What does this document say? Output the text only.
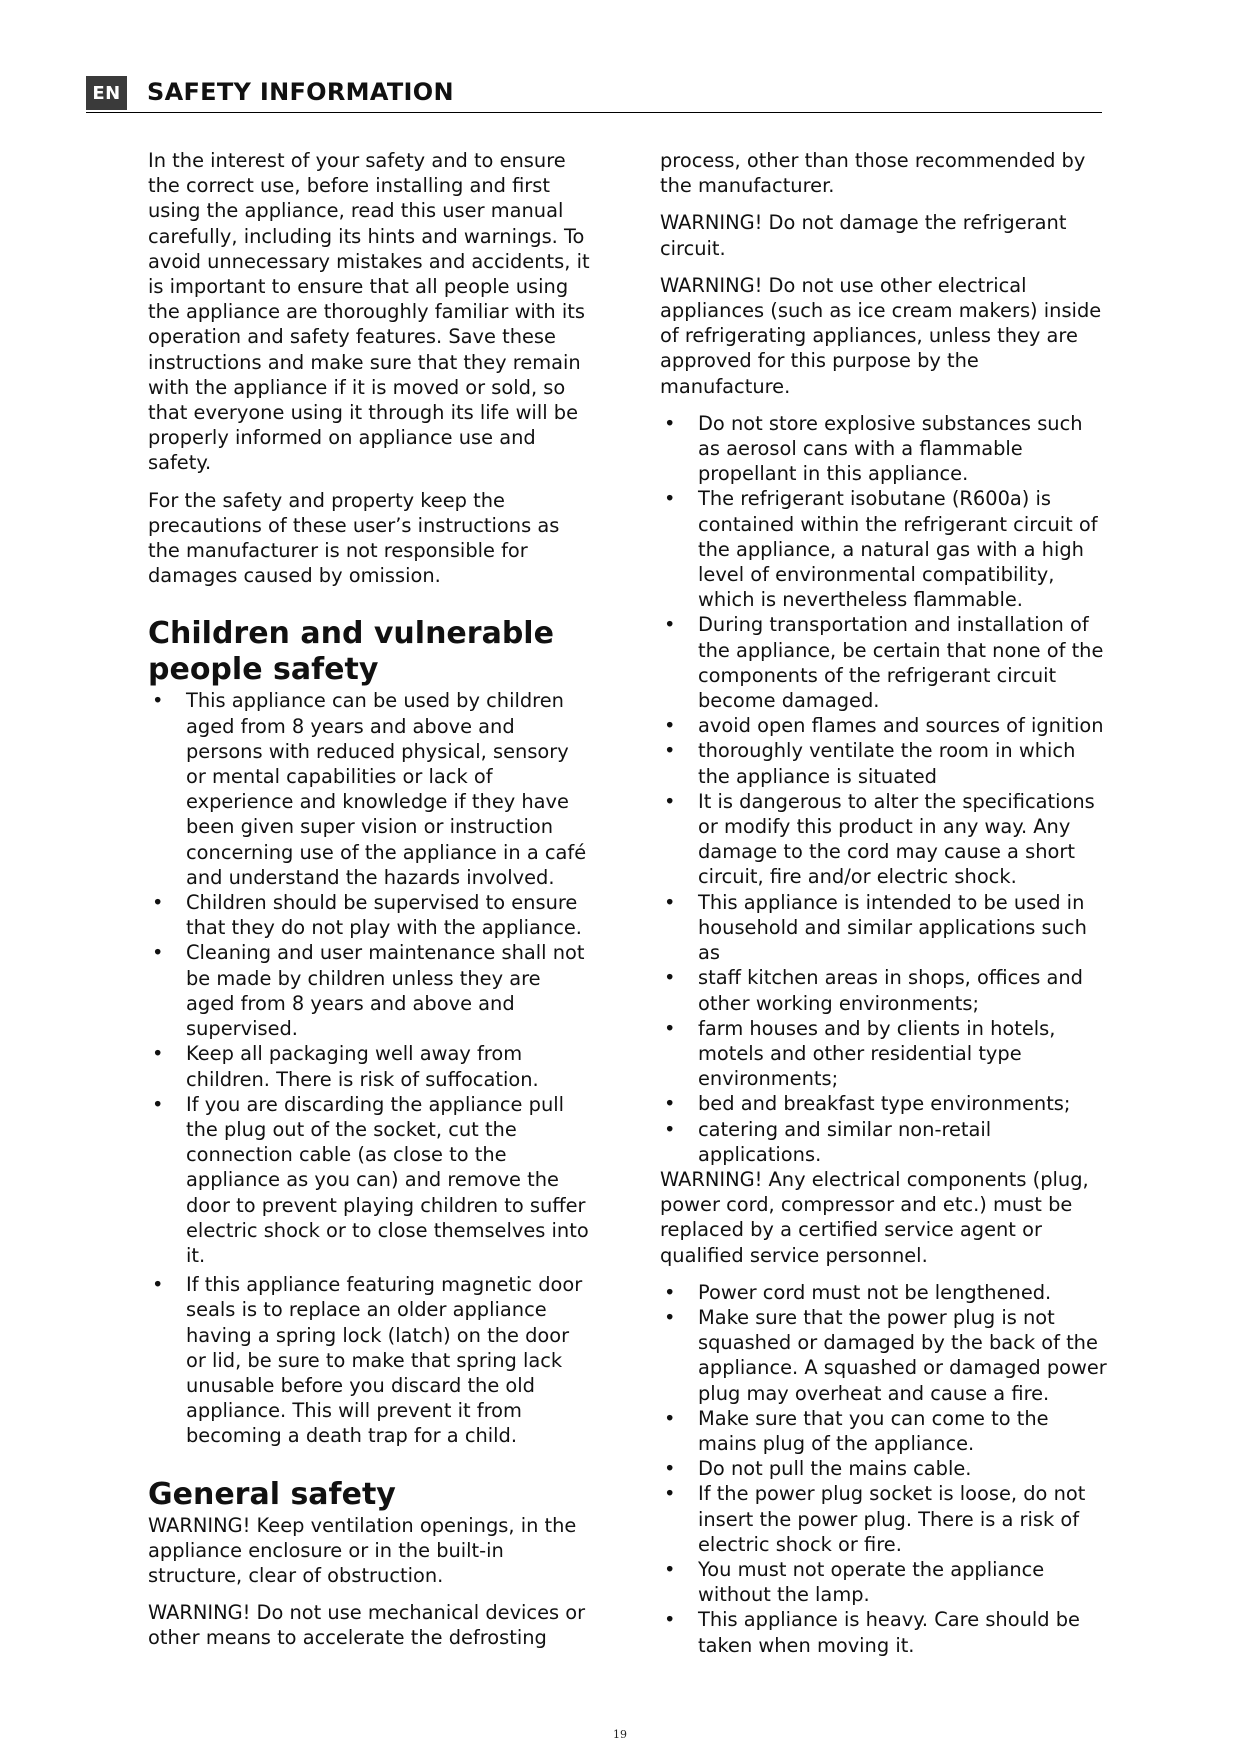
EN SAFETY INFORMATION

In the interest of your safety and to ensure the correct use, before installing and first using the appliance, read this user manual carefully, including its hints and warnings. To avoid unnecessary mistakes and accidents, it is important to ensure that all people using the appliance are thoroughly familiar with its operation and safety features. Save these instructions and make sure that they remain with the appliance if it is moved or sold, so that everyone using it through its life will be properly informed on appliance use and safety.

For the safety and property keep the precautions of these user’s instructions as the manufacturer is not responsible for damages caused by omission.

Children and vulnerable people safety
• This appliance can be used by children aged from 8 years and above and persons with reduced physical, sensory or mental capabilities or lack of experience and knowledge if they have been given super vision or instruction concerning use of the appliance in a café and understand the hazards involved.
• Children should be supervised to ensure that they do not play with the appliance.
• Cleaning and user maintenance shall not be made by children unless they are aged from 8 years and above and supervised.
• Keep all packaging well away from children. There is risk of suffocation.
• If you are discarding the appliance pull the plug out of the socket, cut the connection cable (as close to the appliance as you can) and remove the door to prevent playing children to suffer electric shock or to close themselves into it.
• If this appliance featuring magnetic door seals is to replace an older appliance having a spring lock (latch) on the door or lid, be sure to make that spring lack unusable before you discard the old appliance. This will prevent it from becoming a death trap for a child.
General safety

WARNING! Keep ventilation openings, in the appliance enclosure or in the built-in structure, clear of obstruction.

WARNING! Do not use mechanical devices or other means to accelerate the defrosting

process, other than those recommended by the manufacturer.

WARNING! Do not damage the refrigerant circuit.

WARNING! Do not use other electrical appliances (such as ice cream makers) inside of refrigerating appliances, unless they are approved for this purpose by the manufacture.

• Do not store explosive substances such as aerosol cans with a flammable propellant in this appliance.
• The refrigerant isobutane (R600a) is contained within the refrigerant circuit of the appliance, a natural gas with a high level of environmental compatibility, which is nevertheless flammable.
• During transportation and installation of the appliance, be certain that none of the components of the refrigerant circuit become damaged.
• avoid open flames and sources of ignition
• thoroughly ventilate the room in which the appliance is situated
• It is dangerous to alter the specifications or modify this product in any way. Any damage to the cord may cause a short circuit, fire and/or electric shock.
• This appliance is intended to be used in household and similar applications such as
• staff kitchen areas in shops, offices and other working environments;
• farm houses and by clients in hotels, motels and other residential type environments;
• bed and breakfast type environments;
• catering and similar non-retail applications.

WARNING! Any electrical components (plug, power cord, compressor and etc.) must be replaced by a certified service agent or qualified service personnel.

• Power cord must not be lengthened.
• Make sure that the power plug is not squashed or damaged by the back of the appliance. A squashed or damaged power plug may overheat and cause a fire.
• Make sure that you can come to the mains plug of the appliance.
• Do not pull the mains cable.
• If the power plug socket is loose, do not insert the power plug. There is a risk of electric shock or fire.
• You must not operate the appliance without the lamp.
• This appliance is heavy. Care should be taken when moving it.
19
